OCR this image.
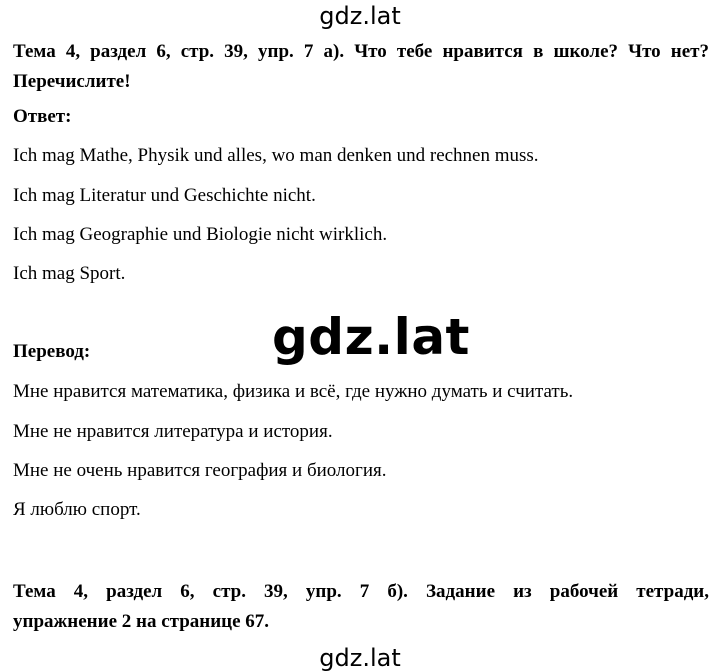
gdz.lat
Тема 4, раздел 6, стр. 39, упр. 7 а). Что тебе нравится в школе? Что нет?
Перечислите!
Ответ:
Ich mag Mathe, Physik und alles, wo man denken und rechnen muss.
Ich mag Literatur und Geschichte nicht.
Ich mag Geographie und Biologie nicht wirklich.
Ich mag Sport.
gdz.lat
Перевод:
Мне нравится математика, физика и всё, где нужно думать и считать.
Мне не нравится литература и история.
Мне не очень нравится география и биология.
Я люблю спорт.
Тема 4, раздел 6, стр. 39, упр. 7 б). Задание из рабочей тетради,
упражнение 2 на странице 67.
gdz.lat
